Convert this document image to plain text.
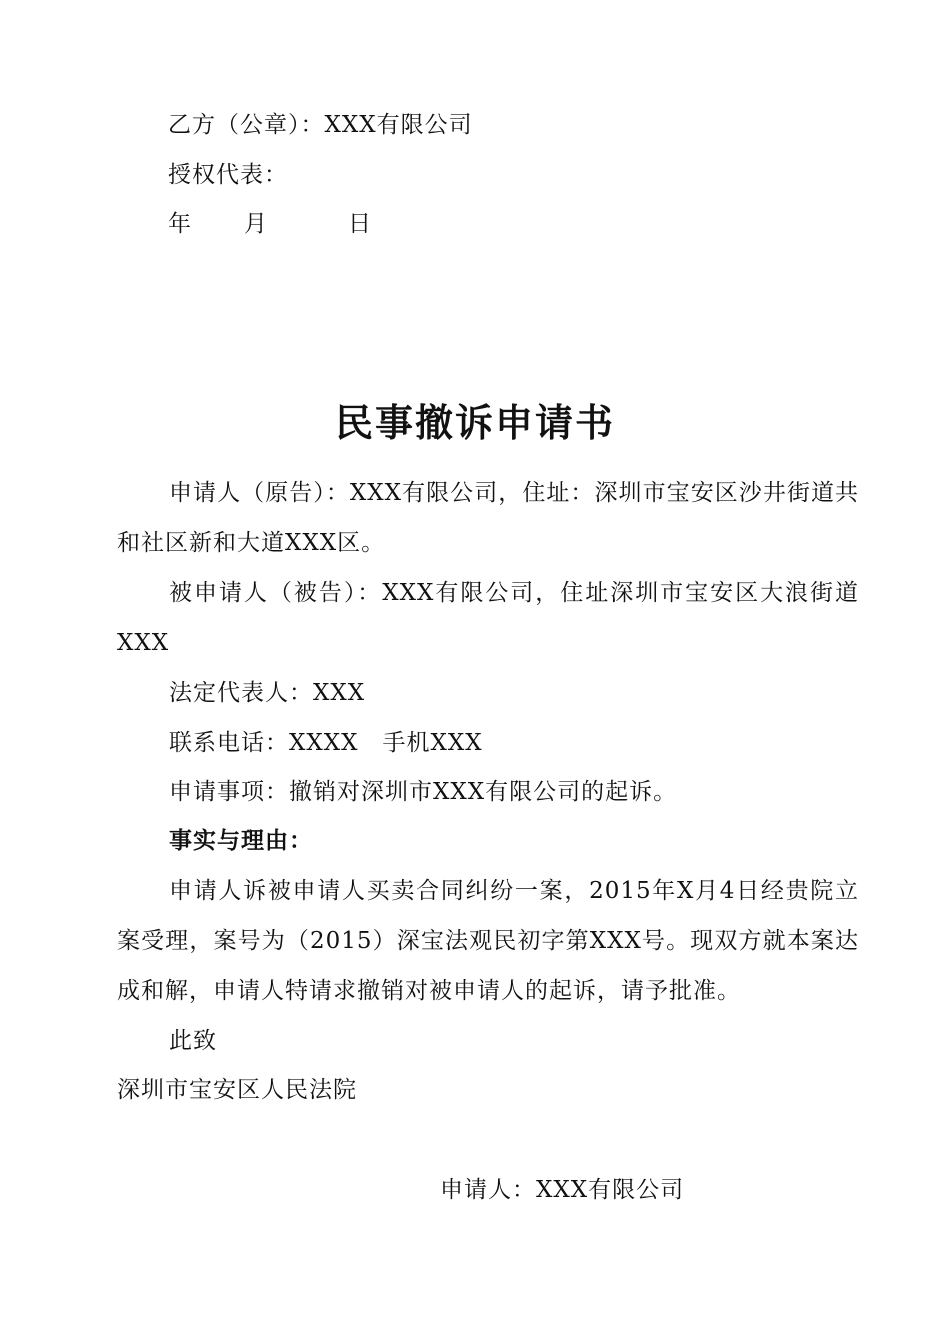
乙方（公章）：XXX有限公司
授权代表：
年 月	日
民事撤诉申请书
申请人（原告）：XXX有限公司，住址：深圳市宝安区沙井街道共和社区新和大道XXX区。
被申请人（被告）：XXX有限公司，住址深圳市宝安区大浪街道XXX
法定代表人：XXX
联系电话：XXXX　手机XXX
申请事项：撤销对深圳市XXX有限公司的起诉。
事实与理由：
申请人诉被申请人买卖合同纠纷一案，2015年X月4日经贵院立案受理，案号为（2015）深宝法观民初字第XXX号。现双方就本案达成和解，申请人特请求撤销对被申请人的起诉，请予批准。
此致
深圳市宝安区人民法院
申请人：XXX有限公司
